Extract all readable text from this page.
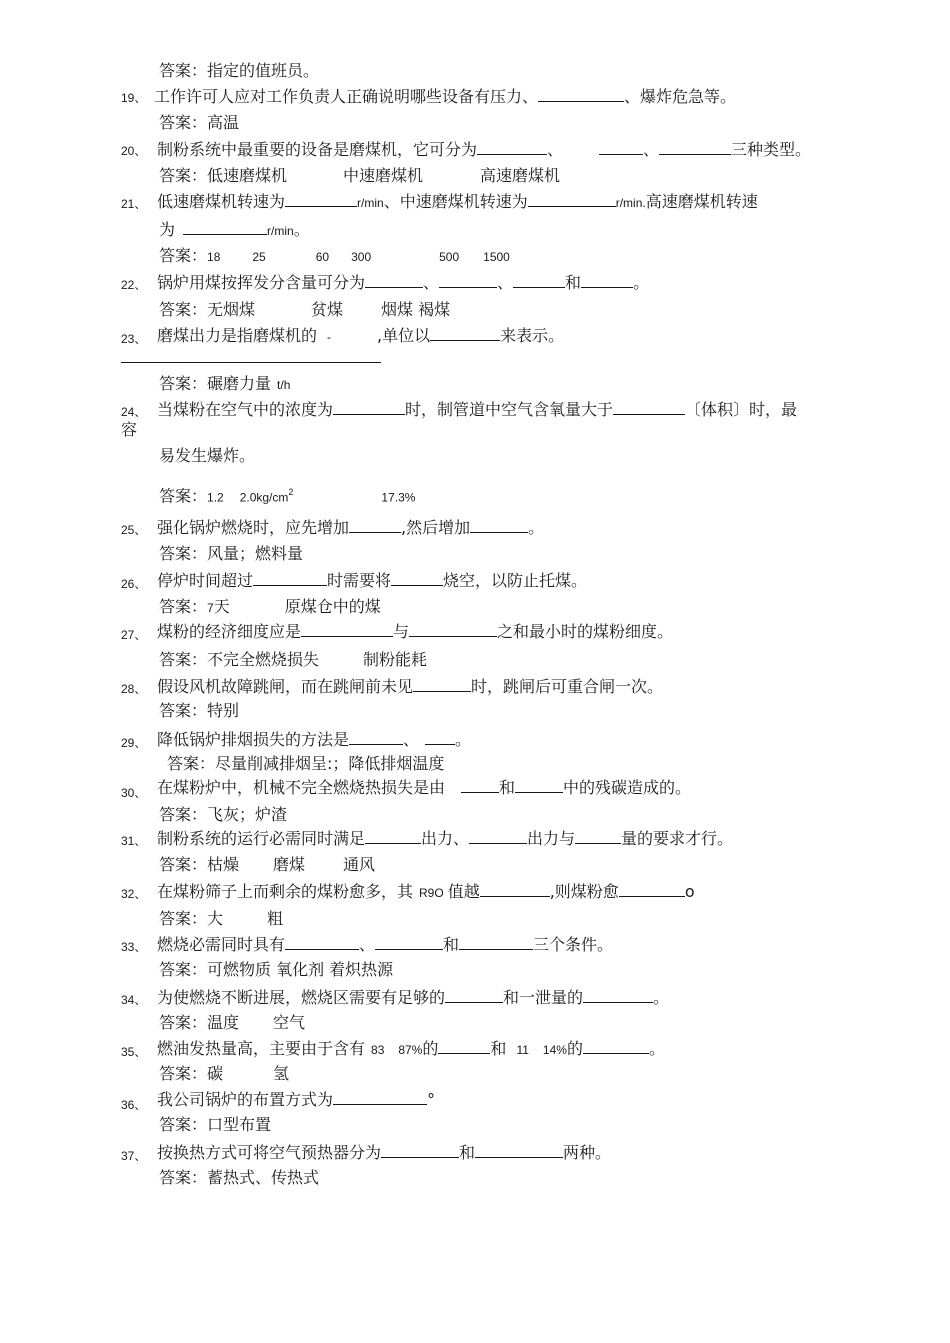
答案：指定的值班员。
19、 工作许可人应对工作负责人正确说明哪些设备有压力、	、爆炸危急等。
答案：高温
20、 制粉系统中最重要的设备是磨煤机，它可分为	、	、	三种类型。
答案：低速磨煤机	中速磨煤机	高速磨煤机
21、 低速磨煤机转速为	r/min、中速磨煤机转速为	r/min.高速磨煤机转速
为	r/min。
答案：18	25	60 300	500 1500
22、 锅炉用煤按挥发分含量可分为	、	、	和	。
答案：无烟煤	贫煤 烟煤 褐煤
23、 磨煤出力是指磨煤机的 -	,单位以	来表示。
答案：碾磨力量 t/h
24、 当煤粉在空气中的浓度为	时，制管道中空气含氧量大于	〔体积〕时，最
容
易发生爆炸。
答案：1.2 $2.0kg/cm^2$	17.3%
25、 强化锅炉燃烧时，应先增加	,然后增加	。
答案：风量；燃料量
26、 停炉时间超过	时需要将	烧空，以防止托煤。
答案：7天	原煤仓中的煤
27、 煤粉的经济细度应是	与	之和最小时的煤粉细度。
答案：不完全燃烧损失	制粉能耗
28、 假设风机故障跳闸，而在跳闸前未见	时，跳闸后可重合闸一次。
答案：特别
29、 降低锅炉排烟损失的方法是	、 。
答案：尽量削减排烟呈:；降低排烟温度
30、 在煤粉炉中，机械不完全燃烧热损失是由	和	中的残碳造成的。
答案：飞灰；炉渣
31、 制粉系统的运行必需同时满足	出力、	出力与	量的要求才行。
答案：枯燥 磨煤 通风
32、 在煤粉筛子上而剩余的煤粉愈多，其 R9O 值越	,则煤粉愈	o
答案：大	粗
33、 燃烧必需同时具有	、	和	三个条件。
答案：可燃物质 氧化剂 着炽热源
34、 为使燃烧不断进展，燃烧区需要有足够的	和一泄量的	。
答案：温度 空气
35、 燃油发热量高，主要由于含有 83 87%的	和 11 14%的	。
答案：碳	氢
36、 我公司锅炉的布置方式为	°
答案：口型布置
37、 按换热方式可将空气预热器分为	和	两种。
答案：蓄热式、传热式
